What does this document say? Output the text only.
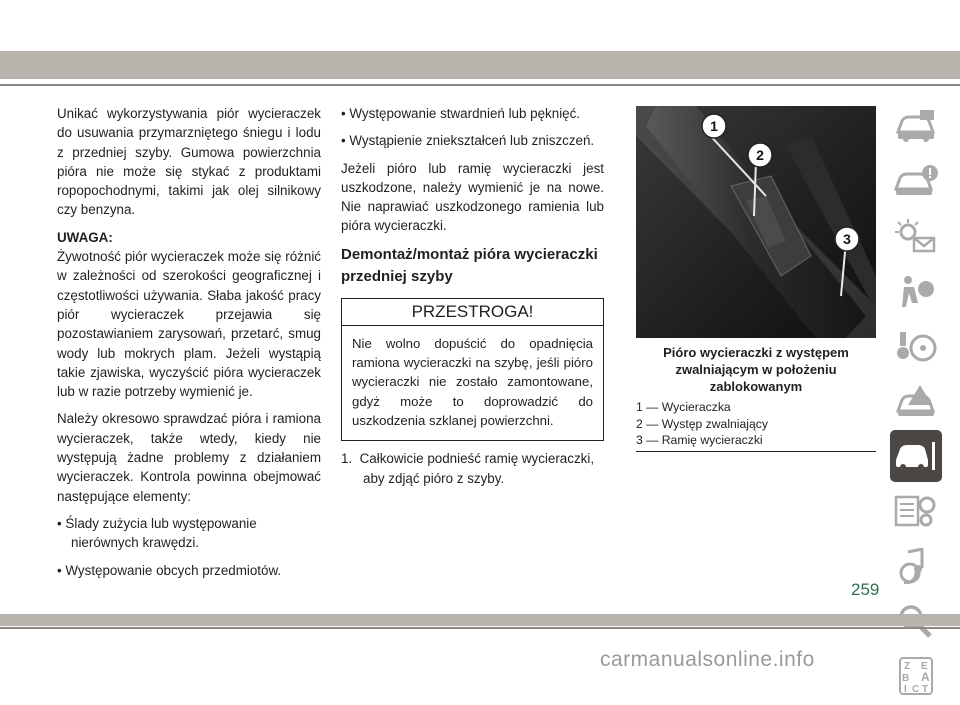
Unikać wykorzystywania piór wycieraczek do usuwania przymarzniętego śniegu i lodu z przedniej szyby. Gumowa powierzchnia pióra nie może się stykać z produktami ropopochodnymi, takimi jak olej silnikowy czy benzyna.

UWAGA:

Żywotność piór wycieraczek może się różnić w zależności od szerokości geograficznej i częstotliwości używania. Słaba jakość pracy piór wycieraczek przejawia się pozostawianiem zarysowań, przetarć, smug wody lub mokrych plam. Jeżeli wystąpią takie zjawiska, wyczyścić pióra wycieraczek lub w razie potrzeby wymienić je.

Należy okresowo sprawdzać pióra i ramiona wycieraczek, także wtedy, kiedy nie występują żadne problemy z działaniem wycieraczek. Kontrola powinna obejmować następujące elementy:

• Ślady zużycia lub występowanie nierównych krawędzi.

• Występowanie obcych przedmiotów.

• Występowanie stwardnień lub pęknięć.

• Wystąpienie zniekształceń lub zniszczeń.

Jeżeli pióro lub ramię wycieraczki jest uszkodzone, należy wymienić je na nowe. Nie naprawiać uszkodzonego ramienia lub pióra wycieraczki.

Demontaż/montaż pióra wycieraczki przedniej szyby
PRZESTROGA!
Nie wolno dopuścić do opadnięcia ramiona wycieraczki na szybę, jeśli pióro wycieraczki nie zostało zamontowane, gdyż może to doprowadzić do uszkodzenia szklanej powierzchni.

1. Całkowicie podnieść ramię wycieraczki, aby zdjąć pióro z szyby.

1
2
3
Pióro wycieraczki z występem zwalniającym w położeniu zablokowanym
1 — Wycieraczka
2 — Występ zwalniający
3 — Ramię wycieraczki
Z E
B A
I C T
259
carmanualsonline.info
